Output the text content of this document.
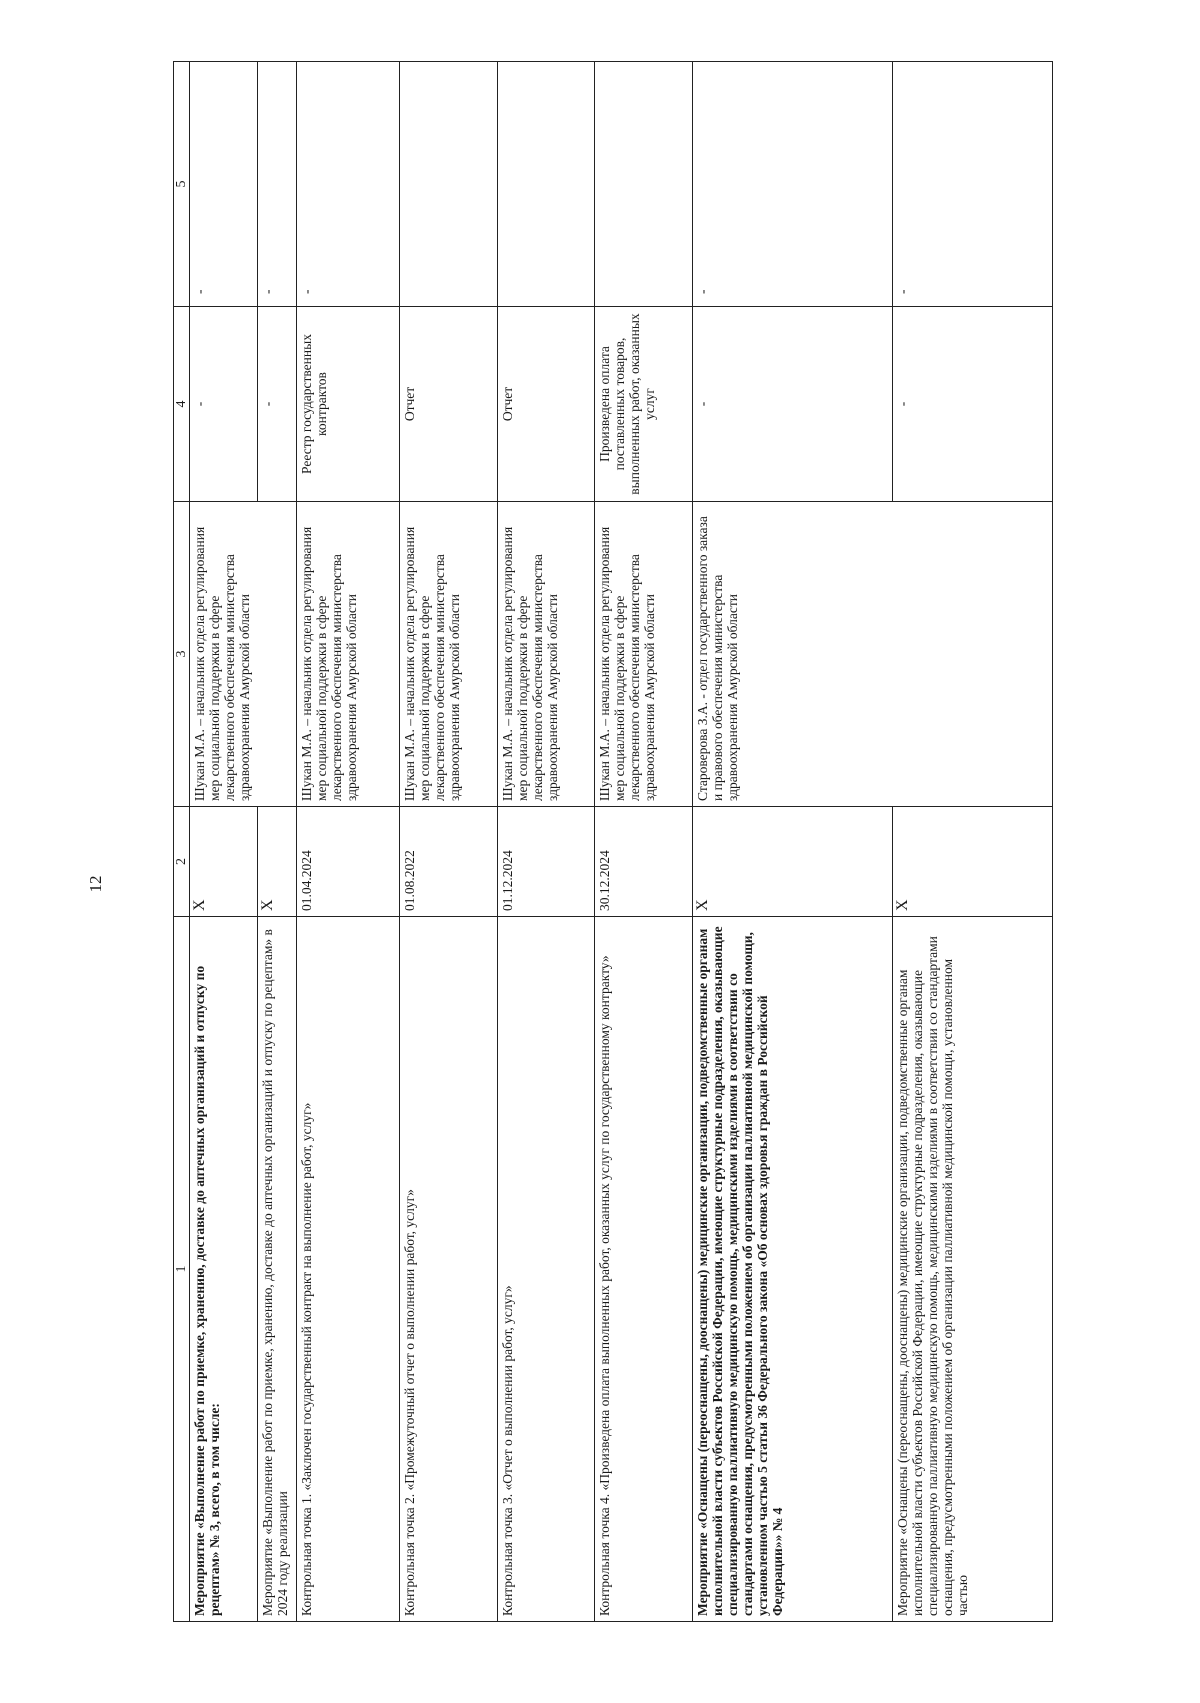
12
1	2	3	4	5
Мероприятие «Выполнение работ по приемке, хранению, доставке до аптечных организаций и отпуску по рецептам» № 3, всего, в том числе:	Х	Шукан М.А. – начальник отдела регулирования мер социальной поддержки в сфере лекарственного обеспечения министерства здравоохранения Амурской области	-	-
Мероприятие «Выполнение работ по приемке, хранению, доставке до аптечных организаций и отпуску по рецептам» в 2024 году реализации	Х		-	-
Контрольная точка 1. «Заключен государственный контракт на выполнение работ, услуг»	01.04.2024	Шукан М.А. – начальник отдела регулирования мер социальной поддержки в сфере лекарственного обеспечения министерства здравоохранения Амурской области	Реестр государственных контрактов	-
Контрольная точка 2. «Промежуточный отчет о выполнении работ, услуг»	01.08.2022	Шукан М.А. – начальник отдела регулирования мер социальной поддержки в сфере лекарственного обеспечения министерства здравоохранения Амурской области	Отчет	
Контрольная точка 3. «Отчет о выполнении работ, услуг»	01.12.2024	Шукан М.А. – начальник отдела регулирования мер социальной поддержки в сфере лекарственного обеспечения министерства здравоохранения Амурской области	Отчет	
Контрольная точка 4. «Произведена оплата выполненных работ, оказанных услуг по государственному контракту»	30.12.2024	Шукан М.А. – начальник отдела регулирования мер социальной поддержки в сфере лекарственного обеспечения министерства здравоохранения Амурской области	Произведена оплата поставленных товаров, выполненных работ, оказанных услуг	
Мероприятие «Оснащены (переоснащены, дооснащены) медицинские организации, подведомственные органам исполнительной власти субъектов Российской Федерации, имеющие структурные подразделения, оказывающие специализированную паллиативную медицинскую помощь, медицинскими изделиями в соответствии со стандартами оснащения, предусмотренными положением об организации паллиативной медицинской помощи, установленном частью 5 статьи 36 Федерального закона «Об основах здоровья граждан в Российской Федерации»» № 4	Х	Староверова З.А. - отдел государственного заказа и правового обеспечения министерства здравоохранения Амурской области	-	-
Мероприятие «Оснащены (переоснащены, дооснащены) медицинские организации, подведомственные органам исполнительной власти субъектов Российской Федерации, имеющие структурные подразделения, оказывающие специализированную паллиативную медицинскую помощь, медицинскими изделиями в соответствии со стандартами оснащения, предусмотренными положением об организации паллиативной медицинской помощи, установленном частью	Х		-	-
